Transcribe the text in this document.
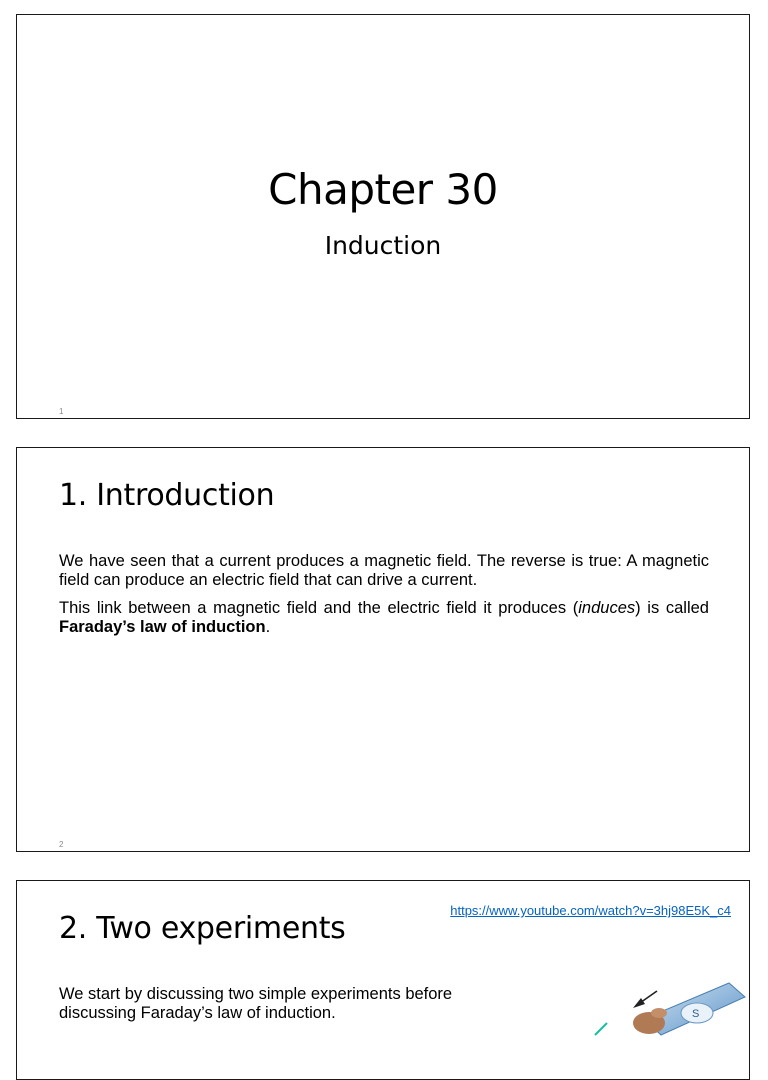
Chapter 30
Induction
1
1. Introduction

We have seen that a current produces a magnetic field. The reverse is true: A magnetic field can produce an electric field that can drive a current.

This link between a magnetic field and the electric field it produces (induces) is called Faraday’s law of induction.

2
https://www.youtube.com/watch?v=3hj98E5K_c4
2. Two experiments

We start by discussing two simple experiments before discussing Faraday’s law of induction.	S
